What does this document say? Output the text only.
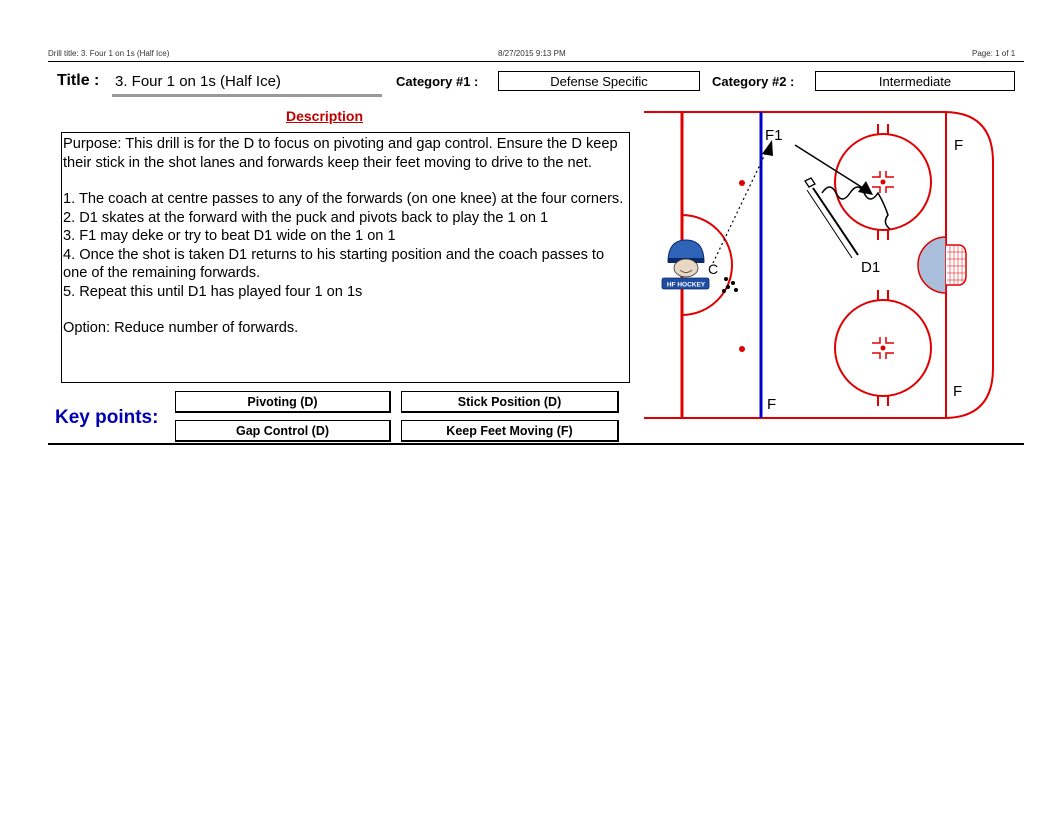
Drill title: 3. Four 1 on 1s (Half Ice)	8/27/2015 9:13 PM	Page: 1 of 1
Title : 3. Four 1 on 1s (Half Ice)	Category #1 :	Defense Specific	Category #2 :	Intermediate
Description

Purpose: This drill is for the D to focus on pivoting and gap control. Ensure the D keep their stick in the shot lanes and forwards keep their feet moving to drive to the net.

1. The coach at centre passes to any of the forwards (on one knee) at the four corners.
2. D1 skates at the forward with the puck and pivots back to play the 1 on 1
3. F1 may deke or try to beat D1 wide on the 1 on 1
4. Once the shot is taken D1 returns to his starting position and the coach passes to one of the remaining forwards.
5. Repeat this until D1 has played four 1 on 1s

Option: Reduce number of forwards.

Key points:
Pivoting (D)	Stick Position (D)
Gap Control (D)	Keep Feet Moving (F)
F1
D1
C
F
F
F
HF HOCKEY
